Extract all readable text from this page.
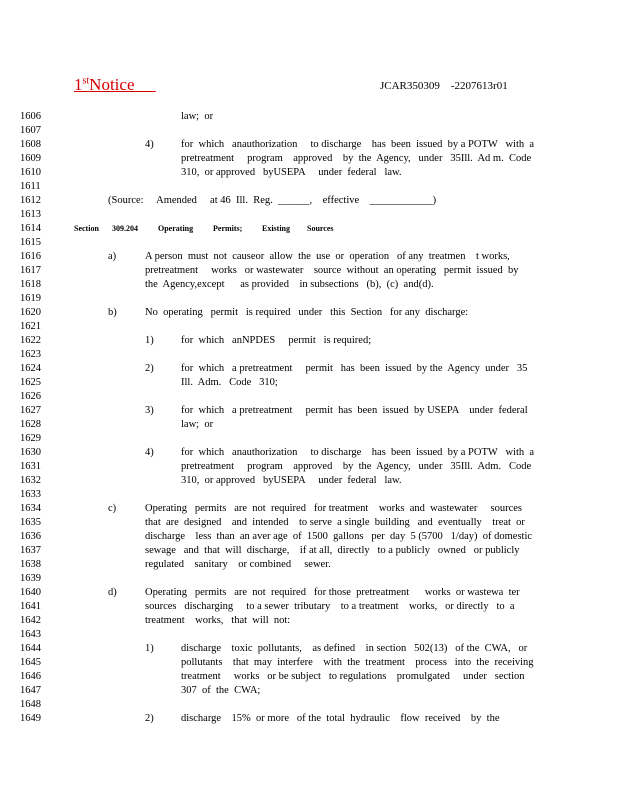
1stNotice	JCAR350309    -2207613r01
1606
1607
1608
1609
1610
1611
1612
1613
1614
1615
1616
1617
1618
1619
1620
1621
1622
1623
1624
1625
1626
1627
1628
1629
1630
1631
1632
1633
1634
1635
1636
1637
1638
1639
1640
1641
1642
1643
1644
1645
1646
1647
1648
1649
law;  or
4)	for  which   anauthorization     to discharge    has  been  issued  by a POTW   with  a
pretreatment     program    approved    by  the  Agency,   under   35Ill.  Ad m.  Code
310,  or approved   byUSEPA     under  federal   law.
(Source:     Amended     at 46  Ill.  Reg.  ______,    effective    ____________)
Section 309.204	Operating Permits; Existing Sources
a)	A person  must  not  causeor  allow  the  use  or  operation   of any  treatmen    t works,
pretreatment     works   or wastewater    source  without  an operating   permit  issued  by
the  Agency,except      as provided    in subsections   (b),  (c)  and(d).
b)	No  operating   permit   is required   under   this  Section   for any  discharge:
1)	for  which   anNPDES     permit   is required;
2)	for  which   a pretreatment     permit   has  been  issued  by the  Agency  under   35
Ill.  Adm.   Code   310;
3)	for  which   a pretreatment     permit  has  been  issued  by USEPA    under  federal
law;  or
4)	for  which   anauthorization     to discharge    has  been  issued  by a POTW   with  a
pretreatment     program    approved    by  the  Agency,   under   35Ill.  Adm.   Code
310,  or approved   byUSEPA     under  federal   law.
c)	Operating   permits   are  not  required   for treatment    works  and  wastewater     sources
that  are  designed    and  intended    to serve  a single  building   and  eventually    treat  or
discharge    less  than  an aver age  of  1500  gallons   per  day  5 (5700   1/day)  of domestic
sewage   and  that  will  discharge,    if at all,  directly   to a publicly   owned   or publicly
regulated    sanitary    or combined     sewer.
d)	Operating   permits   are  not  required   for those  pretreatment      works  or wastewa  ter
sources   discharging     to a sewer  tributary    to a treatment    works,   or directly   to  a
treatment    works,   that  will  not:
1)	discharge    toxic  pollutants,    as defined    in section   502(13)   of the  CWA,   or
pollutants    that  may  interfere    with  the  treatment    process   into  the  receiving
treatment     works   or be subject   to regulations    promulgated     under   section
307  of  the  CWA;
2)	discharge    15%  or more   of the  total  hydraulic    flow  received    by  the
